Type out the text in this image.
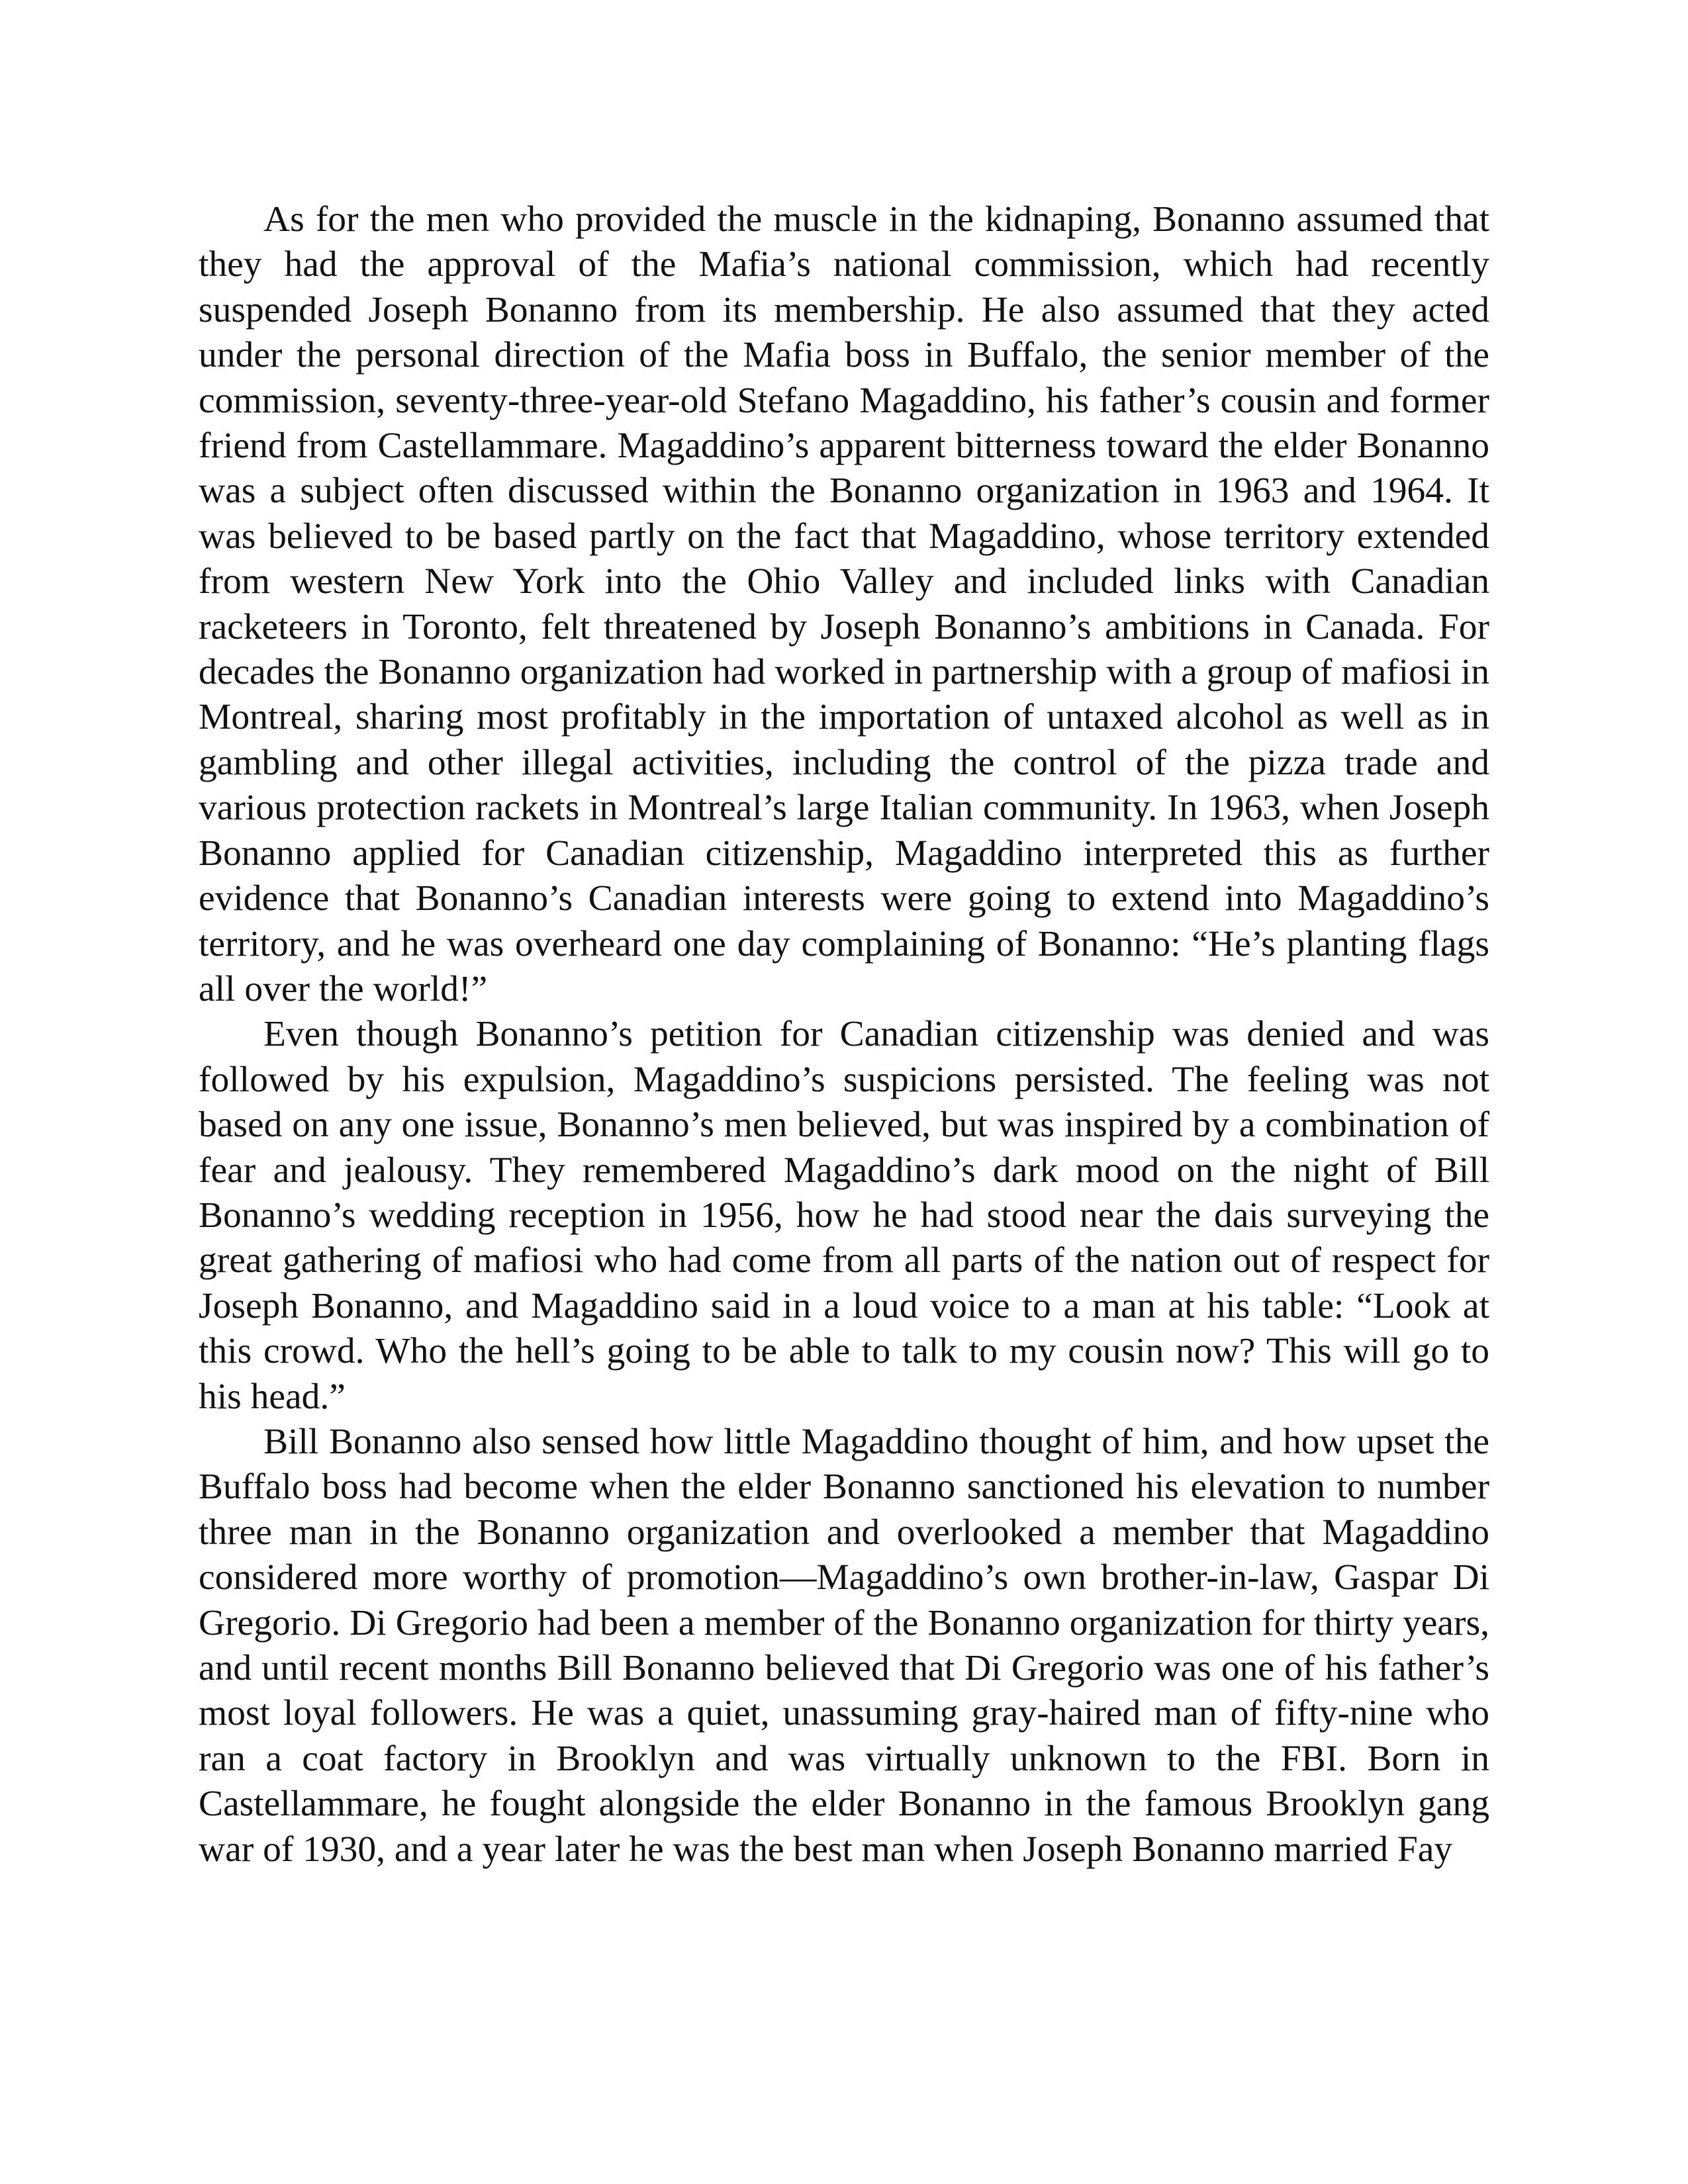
As for the men who provided the muscle in the kidnaping, Bonanno assumed that they had the approval of the Mafia’s national commission, which had recently suspended Joseph Bonanno from its membership. He also assumed that they acted under the personal direction of the Mafia boss in Buffalo, the senior member of the commission, seventy-three-year-old Stefano Magaddino, his father’s cousin and former friend from Castellammare. Magaddino’s apparent bitterness toward the elder Bonanno was a subject often discussed within the Bonanno organization in 1963 and 1964. It was believed to be based partly on the fact that Magaddino, whose territory extended from western New York into the Ohio Valley and included links with Canadian racketeers in Toronto, felt threatened by Joseph Bonanno’s ambitions in Canada. For decades the Bonanno organization had worked in partnership with a group of mafiosi in Montreal, sharing most profitably in the importation of untaxed alcohol as well as in gambling and other illegal activities, including the control of the pizza trade and various protection rackets in Montreal’s large Italian community. In 1963, when Joseph Bonanno applied for Canadian citizenship, Magaddino interpreted this as further evidence that Bonanno’s Canadian interests were going to extend into Magaddino’s territory, and he was overheard one day complaining of Bonanno: “He’s planting flags all over the world!”

Even though Bonanno’s petition for Canadian citizenship was denied and was followed by his expulsion, Magaddino’s suspicions persisted. The feeling was not based on any one issue, Bonanno’s men believed, but was inspired by a combination of fear and jealousy. They remembered Magaddino’s dark mood on the night of Bill Bonanno’s wedding reception in 1956, how he had stood near the dais surveying the great gathering of mafiosi who had come from all parts of the nation out of respect for Joseph Bonanno, and Magaddino said in a loud voice to a man at his table: “Look at this crowd. Who the hell’s going to be able to talk to my cousin now? This will go to his head.”

Bill Bonanno also sensed how little Magaddino thought of him, and how upset the Buffalo boss had become when the elder Bonanno sanctioned his elevation to number three man in the Bonanno organization and overlooked a member that Magaddino considered more worthy of promotion—Magaddino’s own brother-in-law, Gaspar Di Gregorio. Di Gregorio had been a member of the Bonanno organization for thirty years, and until recent months Bill Bonanno believed that Di Gregorio was one of his father’s most loyal followers. He was a quiet, unassuming gray-haired man of fifty-nine who ran a coat factory in Brooklyn and was virtually unknown to the FBI. Born in Castellammare, he fought alongside the elder Bonanno in the famous Brooklyn gang war of 1930, and a year later he was the best man when Joseph Bonanno married Fay
